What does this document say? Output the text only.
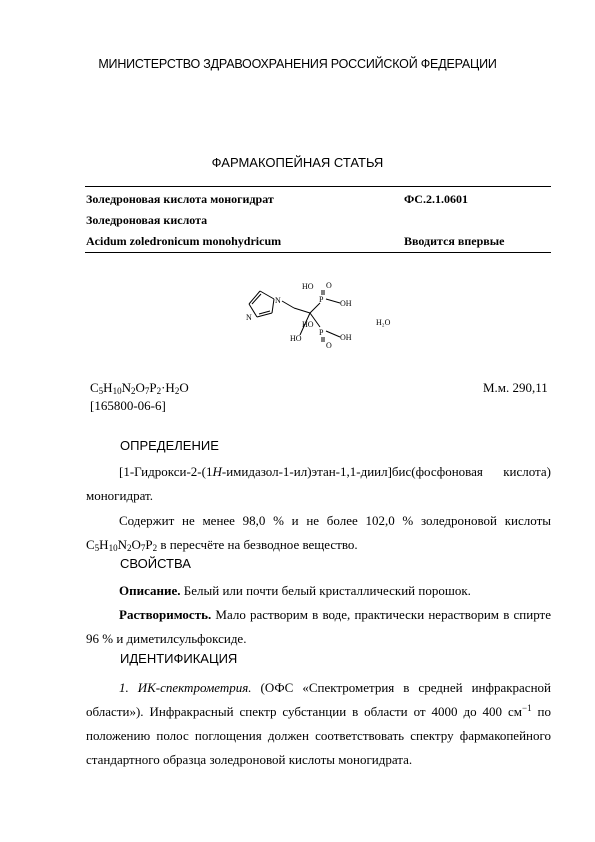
МИНИСТЕРСТВО ЗДРАВООХРАНЕНИЯ РОССИЙСКОЙ ФЕДЕРАЦИИ
ФАРМАКОПЕЙНАЯ СТАТЬЯ
Золедроновая кислота моногидрат	ФС.2.1.0601
Золедроновая кислота
Acidum zoledronicum monohydricum	Вводится впервые
N
N
HO O
P OH
HO
HO
P
OH
O
H₂O
$C_5H_{10}N_2O_7P_2\cdot H_2O$	М.м. 290,11
[165800-06-6]
ОПРЕДЕЛЕНИЕ
[1-Гидрокси-2-(1H-имидазол-1-ил)этан-1,1-диил]бис(фосфоновая кислота) моногидрат.
Содержит не менее 98,0 % и не более 102,0 % золедроновой кислоты $C_5H_{10}N_2O_7P_2$ в пересчёте на безводное вещество.
СВОЙСТВА
Описание. Белый или почти белый кристаллический порошок.
Растворимость. Мало растворим в воде, практически нерастворим в спирте 96 % и диметилсульфоксиде.
ИДЕНТИФИКАЦИЯ
1. ИК-спектрометрия. (ОФС «Спектрометрия в средней инфракрасной области»). Инфракрасный спектр субстанции в области от 4000 до 400 $см^{-1}$ по положению полос поглощения должен соответствовать спектру фармакопейного стандартного образца золедроновой кислоты моногидрата.
